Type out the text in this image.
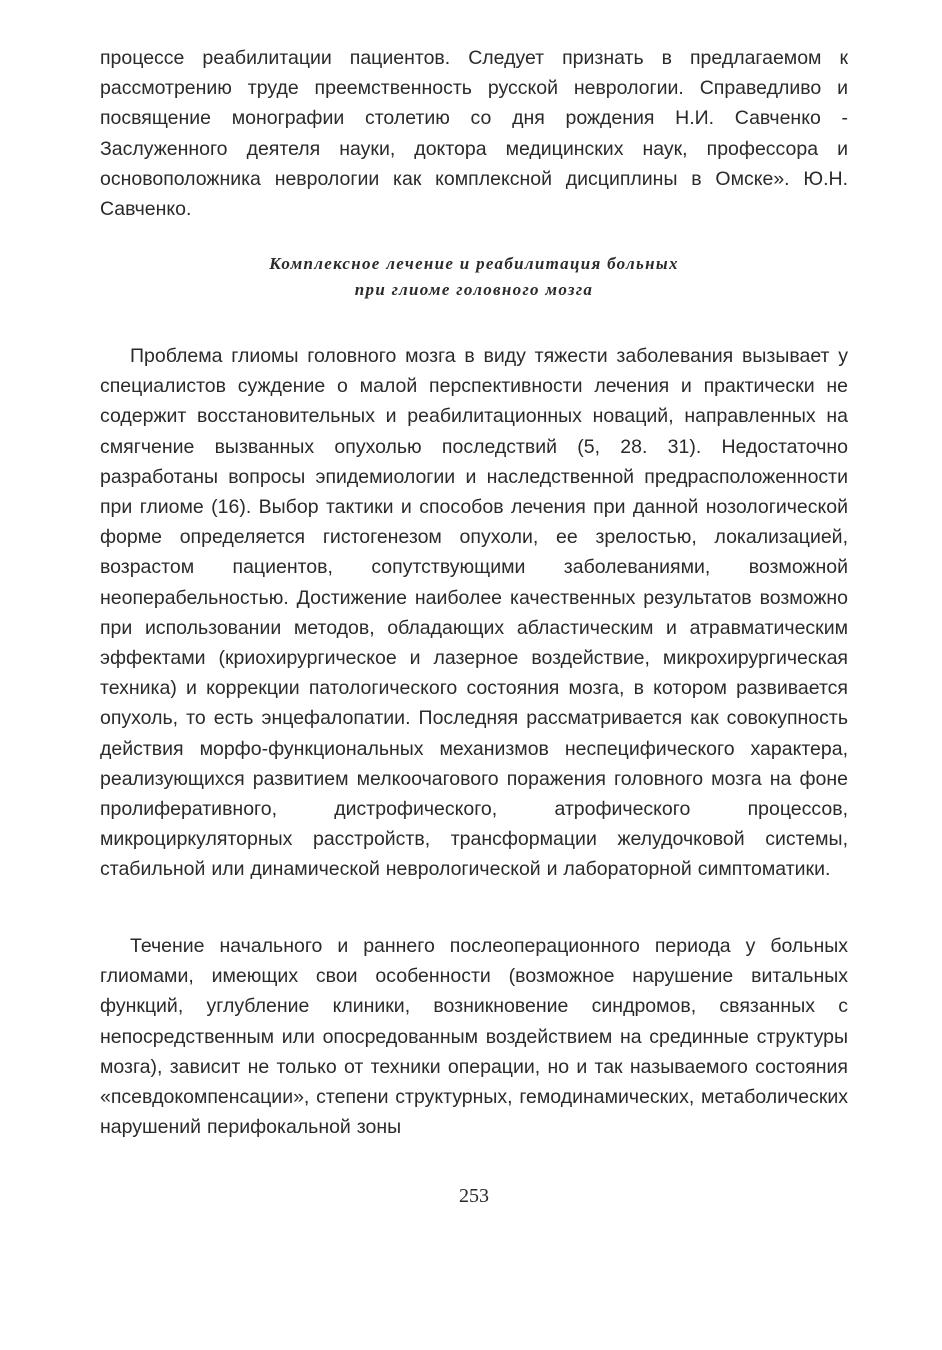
процессе реабилитации пациентов. Следует признать в предлагаемом к рассмотрению труде преемственность русской неврологии. Справедливо и посвящение монографии столетию со дня рождения Н.И. Савченко - Заслуженного деятеля науки, доктора медицинских наук, профессора и основоположника неврологии как комплексной дисциплины в Омске». Ю.Н. Савченко.

Комплексное лечение и реабилитация больных
при глиоме головного мозга

Проблема глиомы головного мозга в виду тяжести заболевания вызывает у специалистов суждение о малой перспективности лечения и практически не содержит восстановительных и реабилитационных новаций, направленных на смягчение вызванных опухолью последствий (5, 28. 31). Недостаточно разработаны вопросы эпидемиологии и наследственной предрасположенности при глиоме (16). Выбор тактики и способов лечения при данной нозологической форме определяется гистогенезом опухоли, ее зрелостью, локализацией, возрастом пациентов, сопутствующими заболеваниями, возможной неоперабельностью. Достижение наиболее качественных результатов возможно при использовании методов, обладающих абластическим и атравматическим эффектами (криохирургическое и лазерное воздействие, микрохирургическая техника) и коррекции патологического состояния мозга, в котором развивается опухоль, то есть энцефалопатии. Последняя рассматривается как совокупность действия морфо-функциональных механизмов неспецифического характера, реализующихся развитием мелкоочагового поражения головного мозга на фоне пролиферативного, дистрофического, атрофического процессов, микроциркуляторных расстройств, трансформации желудочковой системы, стабильной или динамической неврологической и лабораторной симптоматики.

Течение начального и раннего послеоперационного периода у больных глиомами, имеющих свои особенности (возможное нарушение витальных функций, углубление клиники, возникновение синдромов, связанных с непосредственным или опосредованным воздействием на срединные структуры мозга), зависит не только от техники операции, но и так называемого состояния «псевдокомпенсации», степени структурных, гемодинамических, метаболических нарушений перифокальной зоны

253
